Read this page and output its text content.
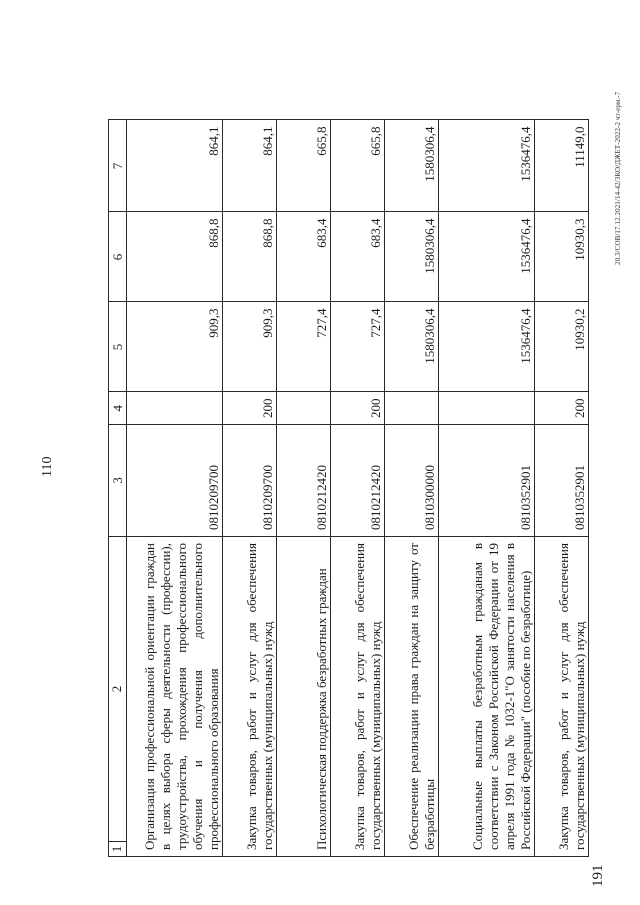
110
1
2	3	4	5	6	7	
Организация профессиональной ориентации граждан в целях выбора сферы деятельности (профессии), трудоустройства, прохождения профессионального обучения и получения дополнительного профессионального образования	0810209700		909,3	868,8	864,1	
Закупка товаров, работ и услуг для обеспечения государственных (муниципальных) нужд	0810209700	200	909,3	868,8	864,1	
Психологическая поддержка безработных граждан	0810212420		727,4	683,4	665,8	
Закупка товаров, работ и услуг для обеспечения государственных (муниципальных) нужд	0810212420	200	727,4	683,4	665,8	
Обеспечение реализации права граждан на защиту от безработицы	0810300000		1580306,4	1580306,4	1580306,4	
Социальные выплаты безработным гражданам в соответствии с Законом Российской Федерации от 19 апреля 1991 года № 1032-1"О занятости населения в Российской Федерации" (пособие по безработице)	0810352901		1536476,4	1536476,4	1536476,4	
Закупка товаров, работ и услуг для обеспечения государственных (муниципальных) нужд	0810352901	200	10930,2	10930,3	11149,0	
191
20.3/СОВ/17.12.2021/14-42/ЗКО/ДЖЕТ-2022-2 чт-ерм.-7
